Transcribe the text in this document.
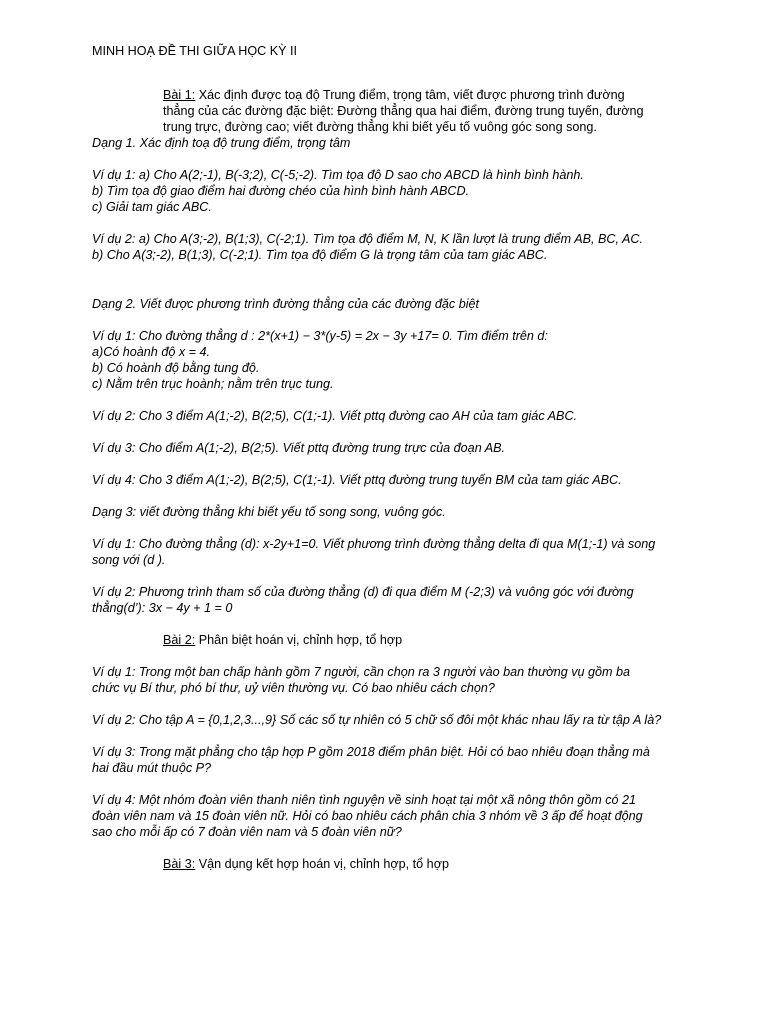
MINH HOẠ ĐỀ THI GIỮA HỌC KỲ II
Bài 1: Xác định được toạ độ Trung điểm, trọng tâm, viết được phương trình đường
thẳng của các đường đặc biệt: Đường thẳng qua hai điểm, đường trung tuyến, đường
trung trực, đường cao; viết đường thẳng khi biết yếu tố vuông góc song song.
Dạng 1. Xác định toạ độ trung điểm, trọng tâm
Ví dụ 1: a) Cho A(2;-1), B(-3;2), C(-5;-2). Tìm tọa độ D sao cho ABCD là hình bình hành.
b) Tìm tọa độ giao điểm hai đường chéo của hình bình hành ABCD.
c) Giải tam giác ABC.
Ví dụ 2: a) Cho A(3;-2), B(1;3), C(-2;1). Tìm tọa độ điểm M, N, K lần lượt là trung điểm AB, BC, AC.
b) Cho A(3;-2), B(1;3), C(-2;1). Tìm tọa độ điểm G là trọng tâm của tam giác ABC.
Dạng 2. Viết được phương trình đường thẳng của các đường đặc biệt
Ví dụ 1: Cho đường thẳng d : 2*(x+1) − 3*(y-5) = 2x − 3y +17= 0. Tìm điểm trên d:
a)Có hoành độ x = 4.
b) Có hoành độ bằng tung độ.
c) Nằm trên trục hoành; nằm trên trục tung.
Ví dụ 2: Cho 3 điểm A(1;-2), B(2;5), C(1;-1). Viết pttq đường cao AH của tam giác ABC.
Ví dụ 3: Cho điểm A(1;-2), B(2;5). Viết pttq đường trung trực của đoạn AB.
Ví dụ 4: Cho 3 điểm A(1;-2), B(2;5), C(1;-1). Viết pttq đường trung tuyến BM của tam giác ABC.
Dạng 3: viết đường thẳng khi biết yếu tố song song, vuông góc.
Ví dụ 1: Cho đường thẳng (d): x-2y+1=0. Viết phương trình đường thẳng delta đi qua M(1;-1) và song
song với (d ).
Ví dụ 2: Phương trình tham số của đường thẳng (d) đi qua điểm M (-2;3) và vuông góc với đường
thẳng(d’): 3x − 4y + 1 = 0
Bài 2: Phân biệt hoán vị, chỉnh hợp, tổ hợp
Ví dụ 1: Trong một ban chấp hành gồm 7 người, cần chọn ra 3 người vào ban thường vụ gồm ba
chức vụ Bí thư, phó bí thư, uỷ viên thường vụ. Có bao nhiêu cách chọn?
Ví dụ 2: Cho tập A = {0,1,2,3...,9} Số các số tự nhiên có 5 chữ số đôi một khác nhau lấy ra từ tập A là?
Ví dụ 3: Trong mặt phẳng cho tập hợp P gồm 2018 điểm phân biệt. Hỏi có bao nhiêu đoạn thẳng mà
hai đầu mút thuộc P?
Ví dụ 4: Một nhóm đoàn viên thanh niên tình nguyện về sinh hoạt tại một xã nông thôn gồm có 21
đoàn viên nam và 15 đoàn viên nữ. Hỏi có bao nhiêu cách phân chia 3 nhóm về 3 ấp để hoạt động
sao cho mỗi ấp có 7 đoàn viên nam và 5 đoàn viên nữ?
Bài 3: Vận dụng kết hợp hoán vị, chỉnh hợp, tổ hợp
